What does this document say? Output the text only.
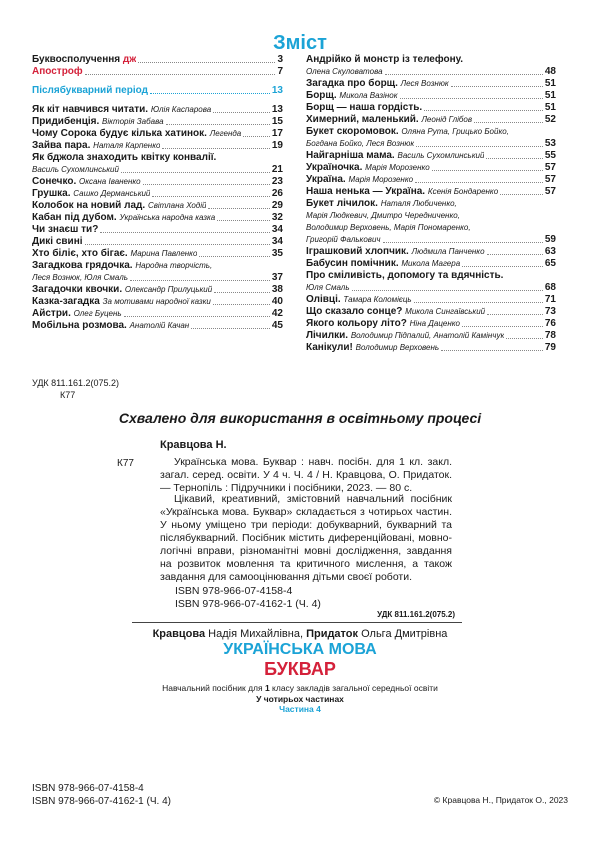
Зміст
Буквосполучення дж	3
Апостроф	7
Післябукварний період	13
Як кіт навчився читати. Юлія Каспарова	13
Придибенція. Вікторія Забава	15
Чому Сорока будує кілька хатинок. Легенда	17
Зайва пара. Наталя Карпенко	19
Як бджола знаходить квітку конвалії.
Василь Сухомлинський	21
Сонечко. Оксана Іваненко	23
Грушка. Сашко Дерманський	26
Колобок на новий лад. Світлана Ходій	29
Кабан під дубом. Українська народна казка	32
Чи знаєш ти?	34
Дикі свині	34
Хто біліє, хто бігає. Марина Павленко	35
Загадкова грядочка. Народна творчість,
Леся Вознюк, Юля Смаль	37
Загадочки квочки. Олександр Прилуцький	38
Казка-загадка За мотивами народної казки	40
Айстри. Олег Буцень	42
Мобільна розмова. Анатолій Качан	45
Андрійко й монстр із телефону.
Олена Скуловатова	48
Загадка про борщ. Леся Вознюк	51
Борщ. Микола Вазінок	51
Борщ — наша гордість.	51
Химерний, маленький. Леонід Глібов	52
Букет скоромовок. Оляна Рута, Грицько Бойко,
Богдана Бойко, Леся Вознюк	53
Найгарніша мама. Василь Сухомлинський	55
Україночка. Марія Морозенко	57
Україна. Марія Морозенко	57
Наша ненька — Україна. Ксенія Бондаренко	57
Букет лічилок. Наталя Любиченко,
Марія Людкевич, Дмитро Чередниченко,
Володимир Верховень, Марія Пономаренко,
Григорій Фалькович	59
Іграшковий хлопчик. Людмила Панченко	63
Бабусин помічник. Микола Магера	65
Про сміливість, допомогу та вдячність.
Юля Смаль	68
Олівці. Тамара Коломієць	71
Що сказало сонце? Микола Сингаївський	73
Якого кольору літо? Ніна Даценко	76
Лічилки. Володимир Підпалий, Анатолій Камінчук	78
Канікули! Володимир Верховень	79
УДК 811.161.2(075.2)
К77
Схвалено для використання в освітньому процесі
Кравцова Н.
К77	Українська мова. Буквар : навч. посібн. для 1 кл. закл. загал. серед. освіти. У 4 ч. Ч. 4 / Н. Кравцова, О. Придаток. — Тернопіль : Підручники і посібники, 2023. — 80 с.
Цікавий, креативний, змістовний навчальний посібник «Українська мова. Буквар» складається з чотирьох частин. У ньому уміщено три періоди: добукварний, букварний та післябукварний. Посібник містить диференційовані, мовно-логічні вправи, різноманітні мовні дослідження, завдання на розвиток мовлення та критичного мислення, а також завдання для самооцінювання дітьми своєї роботи.
ISBN 978-966-07-4158-4
ISBN 978-966-07-4162-1 (Ч. 4)
УДК 811.161.2(075.2)
Кравцова Надія Михайлівна, Придаток Ольга Дмитрівна
УКРАЇНСЬКА МОВА
БУКВАР
Навчальний посібник для 1 класу закладів загальної середньої освіти
У чотирьох частинах
Частина 4
ISBN 978-966-07-4158-4
ISBN 978-966-07-4162-1 (Ч. 4)	© Кравцова Н., Придаток О., 2023
